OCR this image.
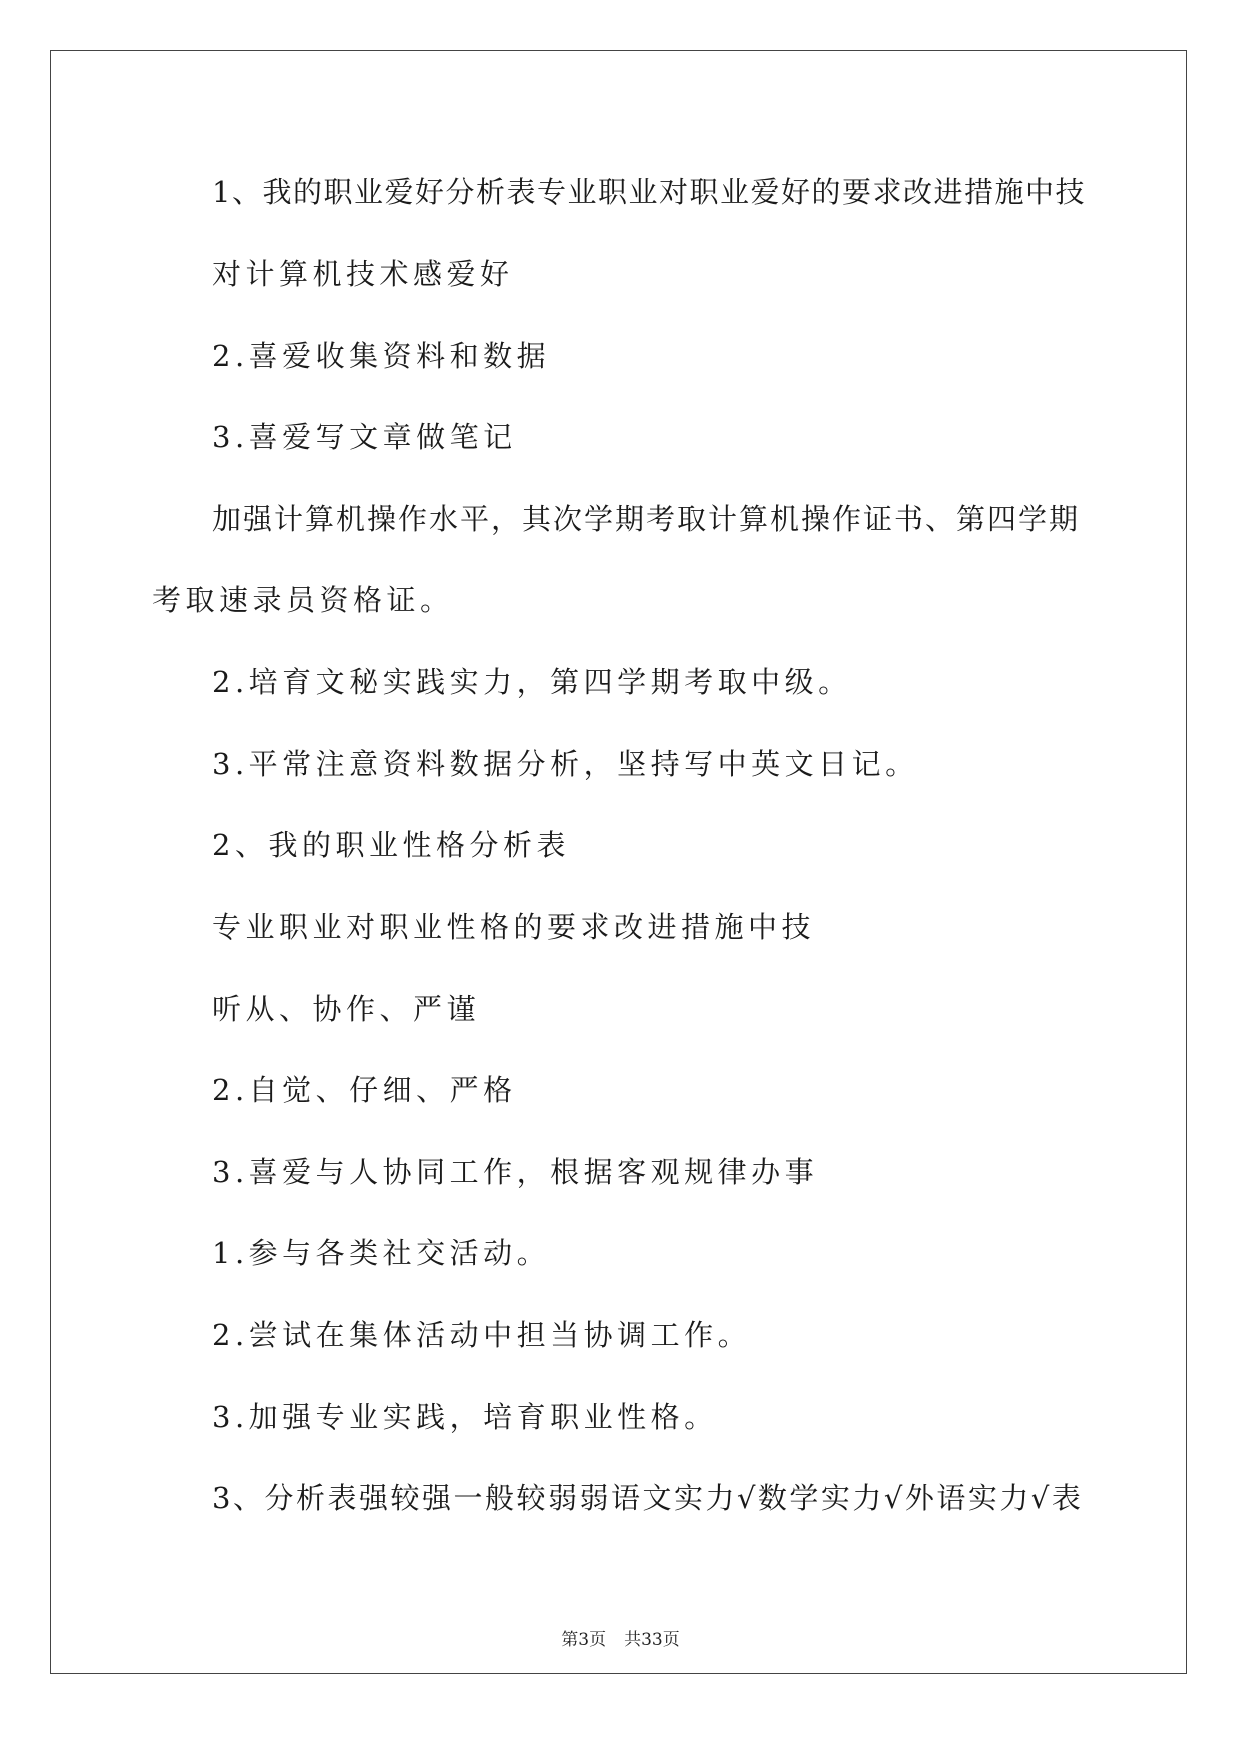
1、我的职业爱好分析表专业职业对职业爱好的要求改进措施中技
对计算机技术感爱好
2.喜爱收集资料和数据
3.喜爱写文章做笔记
加强计算机操作水平，其次学期考取计算机操作证书、第四学期
考取速录员资格证。
2.培育文秘实践实力，第四学期考取中级。
3.平常注意资料数据分析，坚持写中英文日记。
2、我的职业性格分析表
专业职业对职业性格的要求改进措施中技
听从、协作、严谨
2.自觉、仔细、严格
3.喜爱与人协同工作，根据客观规律办事
1.参与各类社交活动。
2.尝试在集体活动中担当协调工作。
3.加强专业实践，培育职业性格。
3、分析表强较强一般较弱弱语文实力√数学实力√外语实力√表
第3页 共33页
